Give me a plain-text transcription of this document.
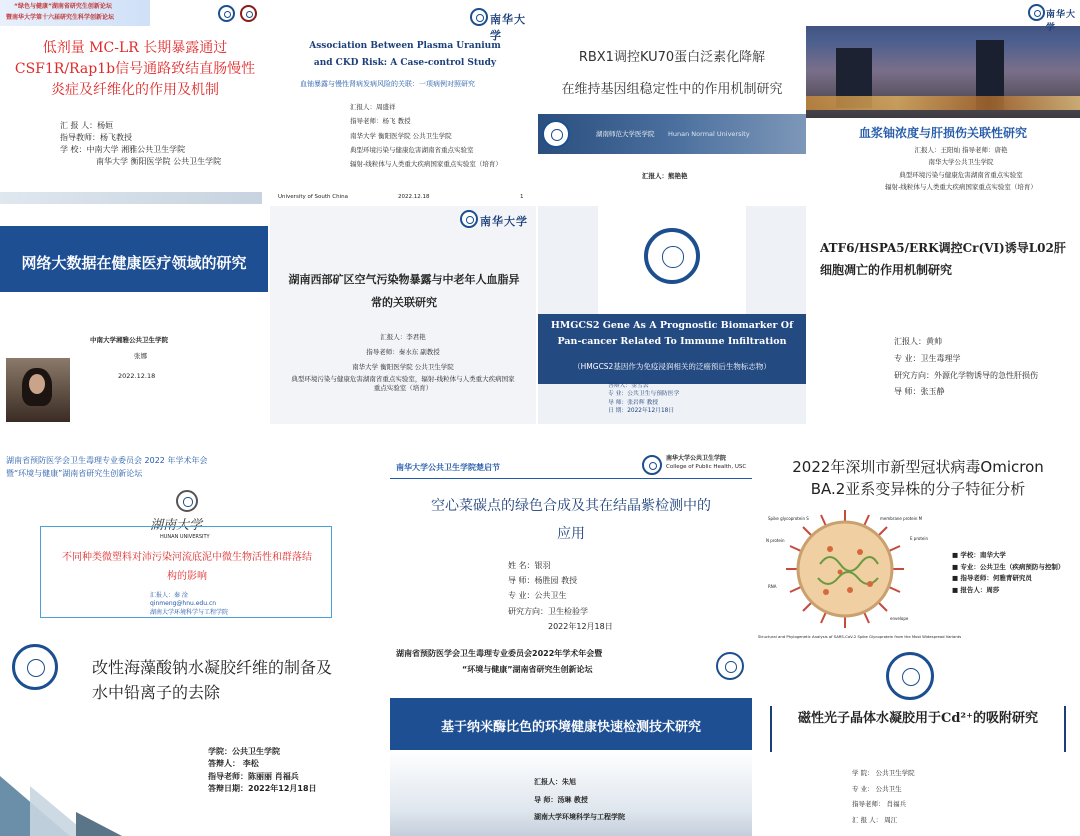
“绿色与健康”湖南省研究生创新论坛
暨南华大学第十六届研究生科学创新论坛
低剂量 MC-LR 长期暴露通过CSF1R/Rap1b信号通路致结直肠慢性炎症及纤维化的作用及机制
汇 报 人：杨姮
指导教师：杨飞教授
学 校：中南大学 湘雅公共卫生学院
南华大学 衡阳医学院 公共卫生学院
南华大学
Association Between Plasma Uranium and CKD Risk: A Case-control Study
血铀暴露与慢性肾病发病风险的关联：一项病例对照研究
汇报人：周盛祥
指导老师：杨飞 教授
南华大学 衡阳医学院 公共卫生学院
典型环境污染与健康危害湖南省重点实验室
辐射-线粒体与人类重大疾病国家重点实验室（培育）
University of South China	2022.12.18	1
RBX1调控KU70蛋白泛素化降解
在维持基因组稳定性中的作用机制研究
湖南师范大学医学院 Hunan Normal University
汇报人：熊艳艳
南华大学
血浆铀浓度与肝损伤关联性研究
汇报人：王阳灿 指导老师：唐艳
南华大学公共卫生学院
典型环境污染与健康危害湖南省重点实验室
辐射-线粒体与人类重大疾病国家重点实验室（培育）
网络大数据在健康医疗领域的研究
中南大学湘雅公共卫生学院
张娜
2022.12.18
南华大学
湖南西部矿区空气污染物暴露与中老年人血脂异常的关联研究
汇报人：李君艳
指导老师：秦水东 副教授
南华大学 衡阳医学院 公共卫生学院
典型环境污染与健康危害湖南省重点实验室，辐射-线粒体与人类重大疾病国家重点实验室（培育）
HMGCS2 Gene As A Prognostic Biomarker Of Pan-cancer Related To Immune Infiltration
（HMGCS2基因作为免疫浸润相关的泛癌预后生物标志物）
答辩人：金雪云
专 业：公共卫生与预防医学
导 师：张岩辉 教授
日 期：2022年12月18日
ATF6/HSPA5/ERK调控Cr(VI)诱导L02肝细胞凋亡的作用机制研究
汇报人：黄帅
专 业：卫生毒理学
研究方向：外源化学物诱导的急性肝损伤
导 师：张玉静
湖南省预防医学会卫生毒理专业委员会 2022 年学术年会
暨“环境与健康”湖南省研究生创新论坛
湖南大学
HUNAN UNIVERSITY
不同种类微塑料对沛污染河流底泥中微生物活性和群落结构的影响
汇报人：秦 淦
qinmeng@hnu.edu.cn
湖南大学环境科学与工程学院
改性海藻酸钠水凝胶纤维的制备及水中铅离子的去除
学院：公共卫生学院
答辩人： 李松
指导老师：陈丽丽 肖福兵
答辩日期：2022年12月18日
南华大学公共卫生学院楚启节
南华大学公共卫生学院
College of Public Health, USC
空心菜碳点的绿色合成及其在结晶紫检测中的应用
姓 名：银羽
导 师：杨胜园 教授
专 业：公共卫生
研究方向：卫生检验学
2022年12月18日
湖南省预防医学会卫生毒理专业委员会2022年学术年会暨
“环境与健康”湖南省研究生创新论坛
基于纳米酶比色的环境健康快速检测技术研究
汇报人：朱旭
导 师：汤琳 教授
湖南大学环境科学与工程学院
2022年深圳市新型冠状病毒Omicron
BA.2亚系变异株的分子特征分析
Spike glycoprotein S	membrane protein M
E protein
N protein
RNA
envelope
■ 学校：南华大学
■ 专业：公共卫生（疾病预防与控制）
■ 指导老师：何雅青研究员
■ 报告人：周莎
Structural and Phylogenetic Analysis of SARS-CoV-2 Spike Glycoprotein from the Most Widespread Variants
磁性光子晶体水凝胶用于Cd²⁺的吸附研究
学 院： 公共卫生学院
专 业： 公共卫生
指导老师： 肖福兵
汇 报 人： 周江
